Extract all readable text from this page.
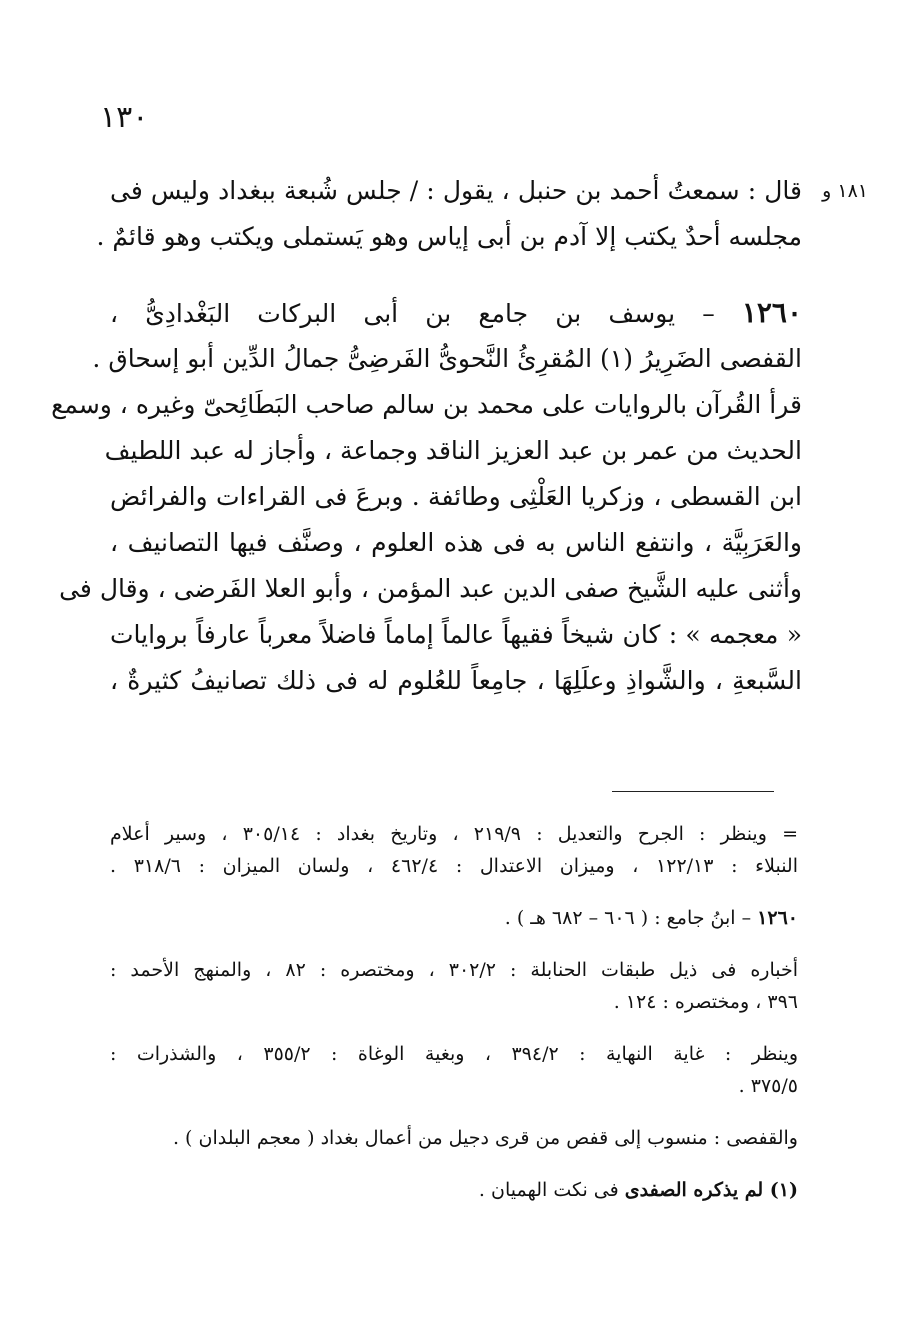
١٣٠
١٨١ و
قال : سمعتُ أحمد بن حنبل ، يقول : / جلس شُبعة ببغداد وليس فى
مجلسه أحدٌ يكتب إلا آدم بن أبى إياس وهو يَستملى ويكتب وهو قائمٌ .
١٢٦٠ – يوسف بن جامع بن أبى البركات البَغْدادِىُّ ،
القفصى الضَرِيرُ (١) المُقرِئُ النَّحوىُّ الفَرضِىُّ جمالُ الدِّين أبو إسحاق .
قرأ القُرآن بالروايات على محمد بن سالم صاحب البَطَائِحىّ وغيره ، وسمع
الحديث من عمر بن عبد العزيز الناقد وجماعة ، وأجاز له عبد اللطيف
ابن القسطى ، وزكريا العَلْثِى وطائفة . وبرعَ فى القراءات والفرائض
والعَرَبِيَّة ، وانتفع الناس به فى هذه العلوم ، وصنَّف فيها التصانيف ،
وأثنى عليه الشَّيخ صفى الدين عبد المؤمن ، وأبو العلا الفَرضى ، وقال فى
« معجمه » : كان شيخاً فقيهاً عالماً إماماً فاضلاً معرباً عارفاً بروايات
السَّبعةِ ، والشَّواذِ وعلَلِهَا ، جامِعاً للعُلوم له فى ذلك تصانيفُ كثيرةٌ ،
= وينظر : الجرح والتعديل : ٢١٩/٩ ، وتاريخ بغداد : ٣٠٥/١٤ ، وسير أعلام
النبلاء : ١٢٢/١٣ ، وميزان الاعتدال : ٤٦٢/٤ ، ولسان الميزان : ٣١٨/٦ .
١٢٦٠ – ابنُ جامع : ( ٦٠٦ – ٦٨٢ هـ ) .
أخباره فى ذيل طبقات الحنابلة : ٣٠٢/٢ ، ومختصره : ٨٢ ، والمنهج الأحمد :
٣٩٦ ، ومختصره : ١٢٤ .
وينظر : غاية النهاية : ٣٩٤/٢ ، وبغية الوغاة : ٣٥٥/٢ ، والشذرات :
٣٧٥/٥ .
والقفصى : منسوب إلى قفص من قرى دجيل من أعمال بغداد ( معجم البلدان ) .
(١) لم يذكره الصفدى فى نكت الهميان .
